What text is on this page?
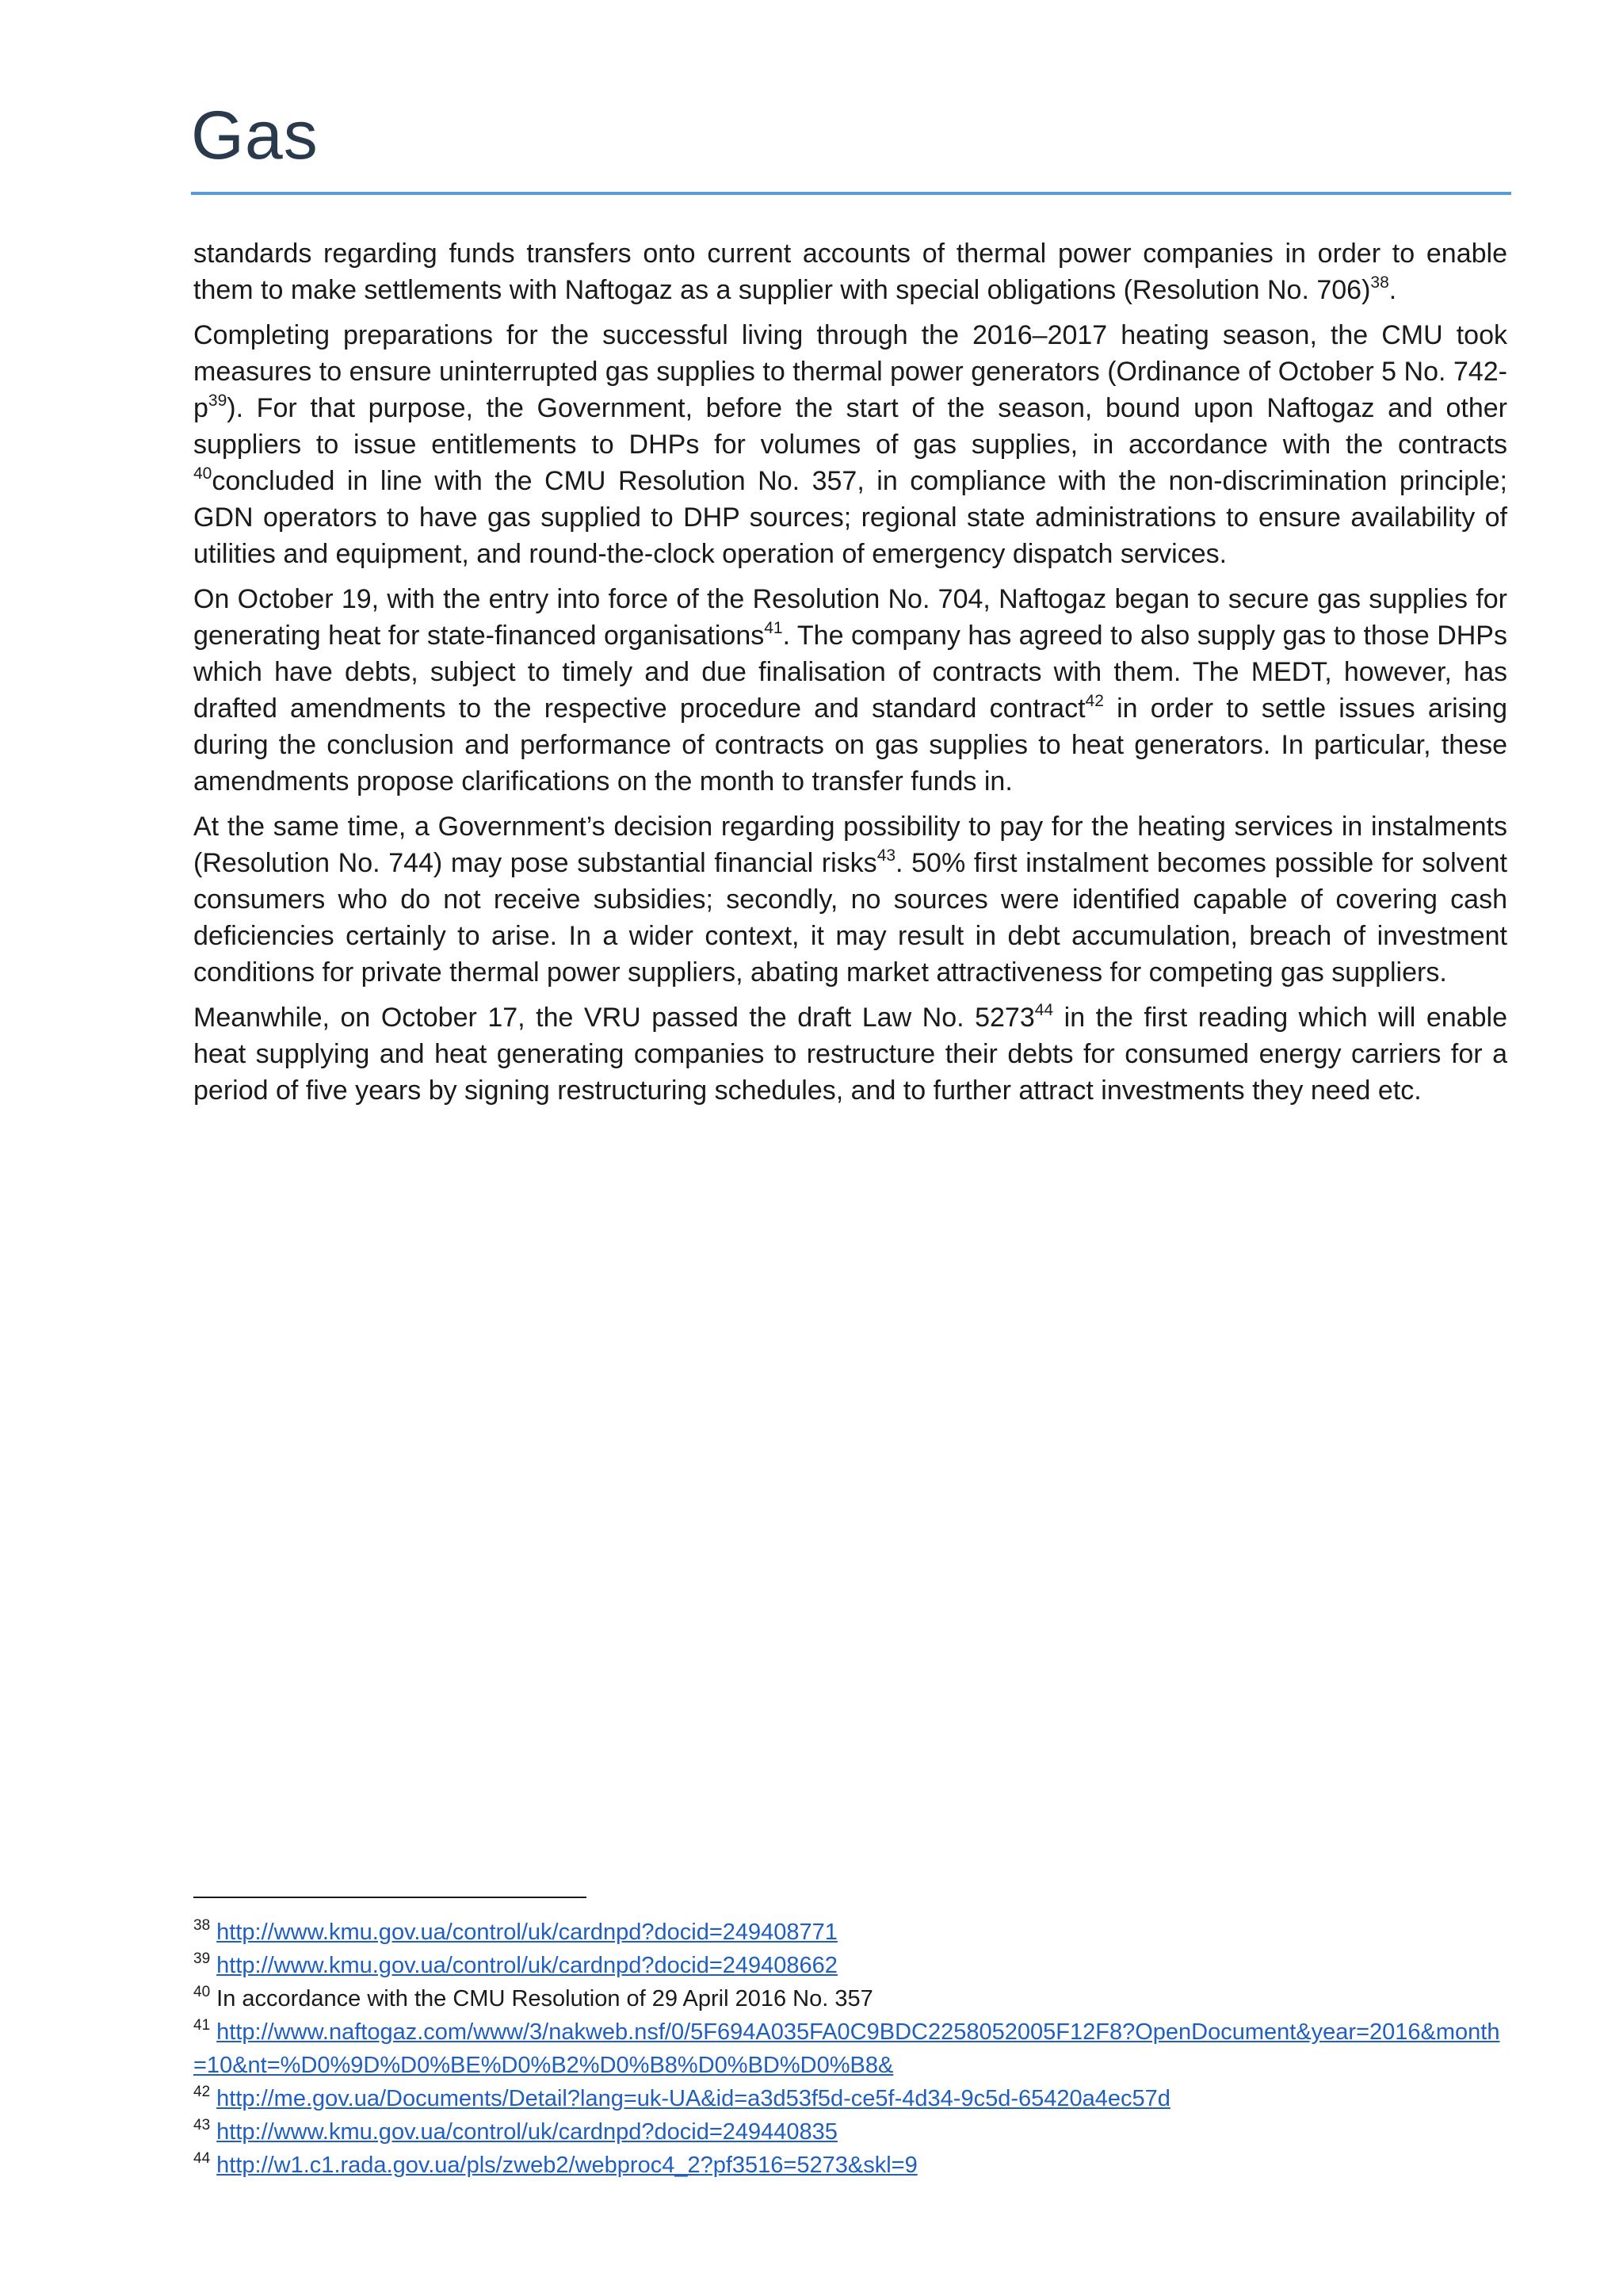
Gas

standards regarding funds transfers onto current accounts of thermal power companies in order to enable them to make settlements with Naftogaz as a supplier with special obligations (Resolution No. 706)$^{38}$.

Completing preparations for the successful living through the 2016–2017 heating season, the CMU took measures to ensure uninterrupted gas supplies to thermal power generators (Ordinance of October 5 No. $742-p^{39}$). For that purpose, the Government, before the start of the season, bound upon Naftogaz and other suppliers to issue entitlements to DHPs for volumes of gas supplies, in accordance with the contracts $^{40}$concluded in line with the CMU Resolution No. 357, in compliance with the non-discrimination principle; GDN operators to have gas supplied to DHP sources; regional state administrations to ensure availability of utilities and equipment, and round-the-clock operation of emergency dispatch services.

On October 19, with the entry into force of the Resolution No. 704, Naftogaz began to secure gas supplies for generating heat for state-financed organisations$^{41}$. The company has agreed to also supply gas to those DHPs which have debts, subject to timely and due finalisation of contracts with them. The MEDT, however, has drafted amendments to the respective procedure and standard contract$^{42}$ in order to settle issues arising during the conclusion and performance of contracts on gas supplies to heat generators. In particular, these amendments propose clarifications on the month to transfer funds in.

At the same time, a Government’s decision regarding possibility to pay for the heating services in instalments (Resolution No. 744) may pose substantial financial risks$^{43}$. 50% first instalment becomes possible for solvent consumers who do not receive subsidies; secondly, no sources were identified capable of covering cash deficiencies certainly to arise. In a wider context, it may result in debt accumulation, breach of investment conditions for private thermal power suppliers, abating market attractiveness for competing gas suppliers.

Meanwhile, on October 17, the VRU passed the draft Law No. 5273$^{44}$ in the first reading which will enable heat supplying and heat generating companies to restructure their debts for consumed energy carriers for a period of five years by signing restructuring schedules, and to further attract investments they need etc.

$^{38}$ http://www.kmu.gov.ua/control/uk/cardnpd?docid=249408771
$^{39}$ http://www.kmu.gov.ua/control/uk/cardnpd?docid=249408662
$^{40}$ In accordance with the CMU Resolution of 29 April 2016 No. 357
$^{41}$ http://www.naftogaz.com/www/3/nakweb.nsf/0/5F694A035FA0C9BDC2258052005F12F8?OpenDocument&year=2016&month=10&nt=%D0%9D%D0%BE%D0%B2%D0%B8%D0%BD%D0%B8&
$^{42}$ http://me.gov.ua/Documents/Detail?lang=uk-UA&id=a3d53f5d-ce5f-4d34-9c5d-65420a4ec57d
$^{43}$ http://www.kmu.gov.ua/control/uk/cardnpd?docid=249440835
$^{44}$ http://w1.c1.rada.gov.ua/pls/zweb2/webproc4_2?pf3516=5273&skl=9
